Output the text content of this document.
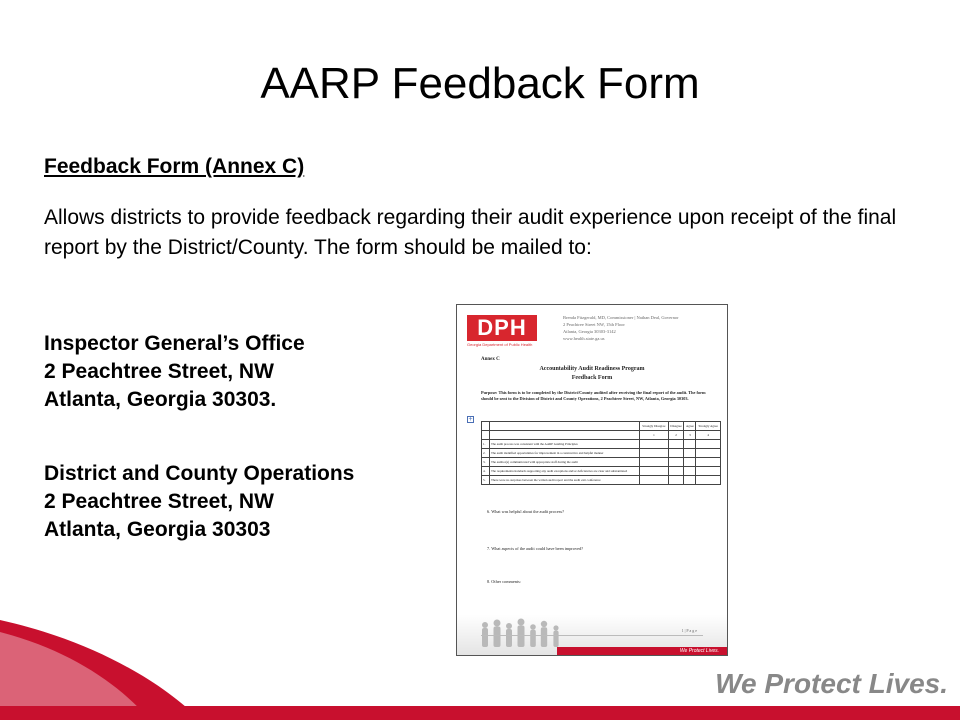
AARP Feedback Form
Feedback Form (Annex C)
Allows districts to provide feedback regarding their audit experience upon receipt of the final report by the District/County. The form should be mailed to:
Inspector General’s Office
2 Peachtree Street, NW
Atlanta, Georgia 30303.
District and County Operations
2 Peachtree Street, NW
Atlanta, Georgia 30303
DPH
Georgia Department of Public Health
Brenda Fitzgerald, MD, Commissioner | Nathan Deal, Governor
2 Peachtree Street NW, 15th Floor
Atlanta, Georgia 30303-3142
www.health.state.ga.us
Annex C
Accountability Audit Readiness Program
Feedback Form
Purpose: This form is to be completed by the District/County audited after receiving the final report of the audit. The form should be sent to the Division of District and County Operations, 2 Peachtree Street, NW, Atlanta, Georgia 30303.
+
		Strongly Disagree	Disagree	Agree	Strongly Agree
		1	2	3	4
1.	The audit process was consistent with the AARP Guiding Principles				
2.	The audit identified opportunities for improvement in a constructive and helpful manner				
3.	The auditor(s) communicated with appropriate staff during the audit				
4.	The requirements/standards supporting any audit exceptions and/or deficiencies are clear and substantiated				
5.	There were no surprises between the written audit report and the audit exit conference				
6. What was helpful about the audit process?
7. What aspects of the audit could have been improved?
8. Other comments:
1 | P a g e
We Protect Lives.
We Protect Lives.
